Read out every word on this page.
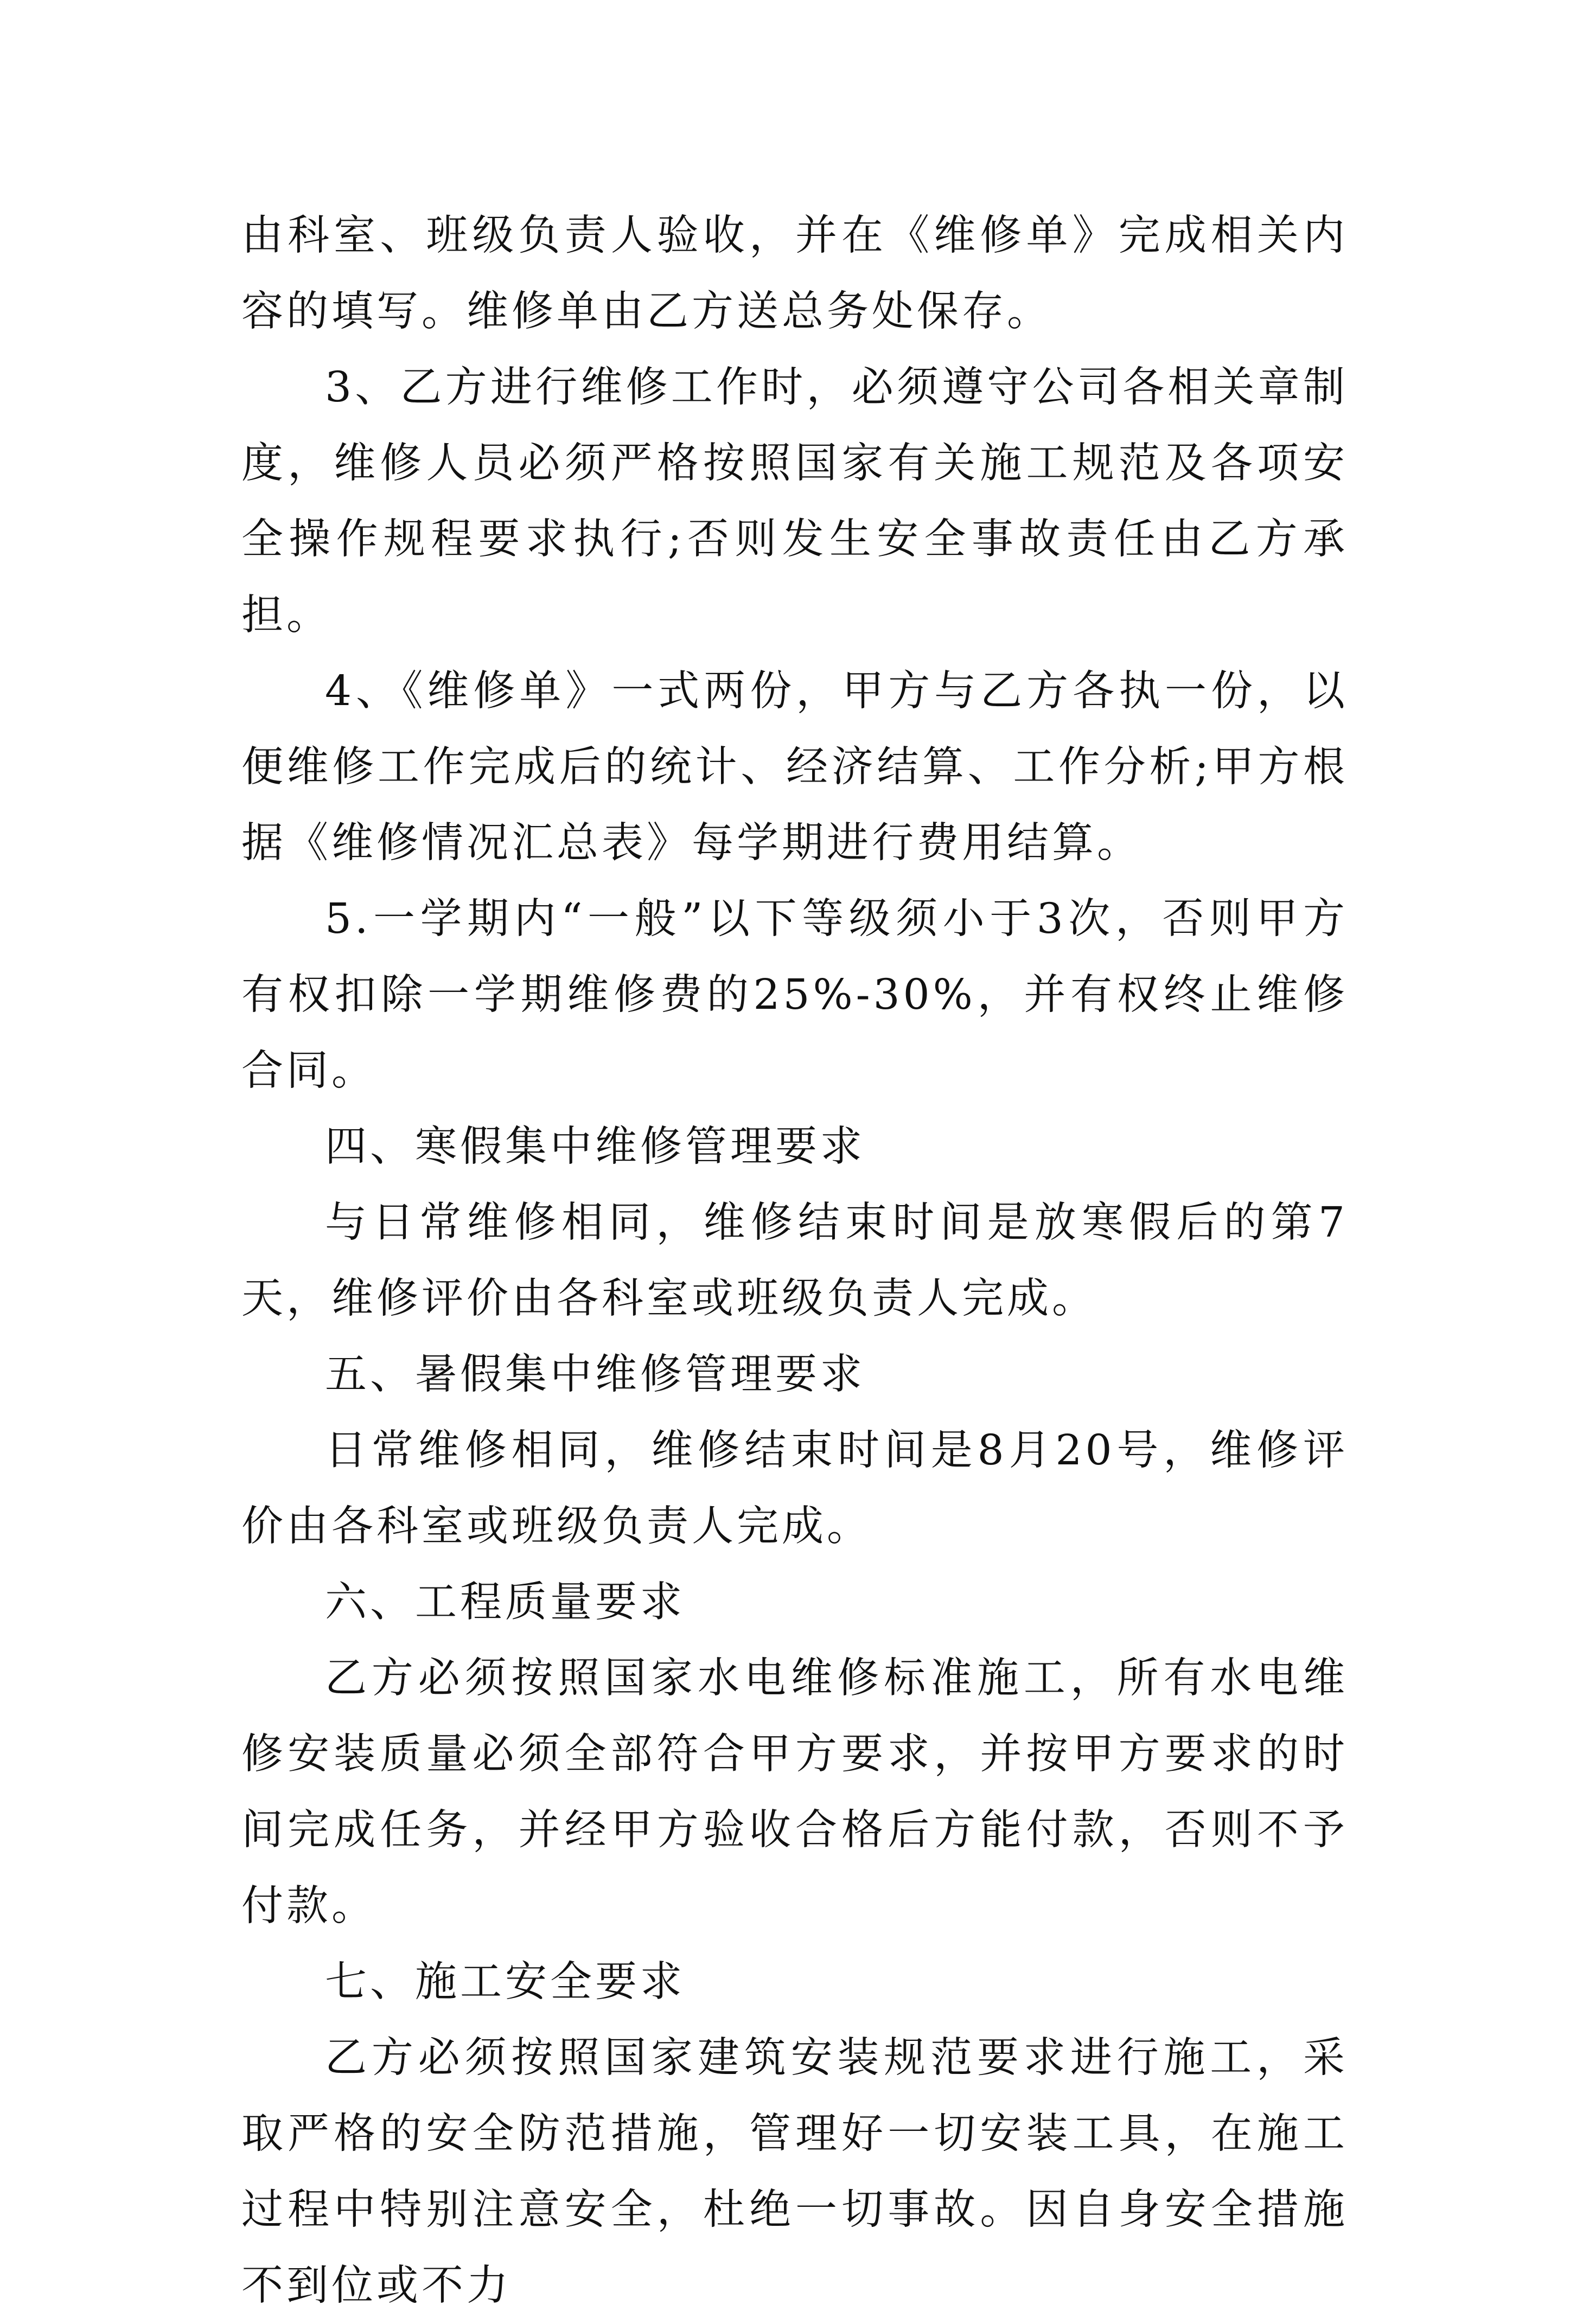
由科室、班级负责人验收，并在《维修单》完成相关内容的填写。维修单由乙方送总务处保存。

3、乙方进行维修工作时，必须遵守公司各相关章制度，维修人员必须严格按照国家有关施工规范及各项安全操作规程要求执行;否则发生安全事故责任由乙方承担。

4、《维修单》一式两份，甲方与乙方各执一份，以便维修工作完成后的统计、经济结算、工作分析;甲方根据《维修情况汇总表》每学期进行费用结算。

5.一学期内“一般”以下等级须小于3次，否则甲方有权扣除一学期维修费的25%-30%，并有权终止维修合同。

四、寒假集中维修管理要求

与日常维修相同，维修结束时间是放寒假后的第7天，维修评价由各科室或班级负责人完成。

五、暑假集中维修管理要求

日常维修相同，维修结束时间是8月20号，维修评价由各科室或班级负责人完成。

六、工程质量要求

乙方必须按照国家水电维修标准施工，所有水电维修安装质量必须全部符合甲方要求，并按甲方要求的时间完成任务，并经甲方验收合格后方能付款，否则不予付款。

七、施工安全要求

乙方必须按照国家建筑安装规范要求进行施工，采取严格的安全防范措施，管理好一切安装工具，在施工过程中特别注意安全，杜绝一切事故。因自身安全措施不到位或不力
